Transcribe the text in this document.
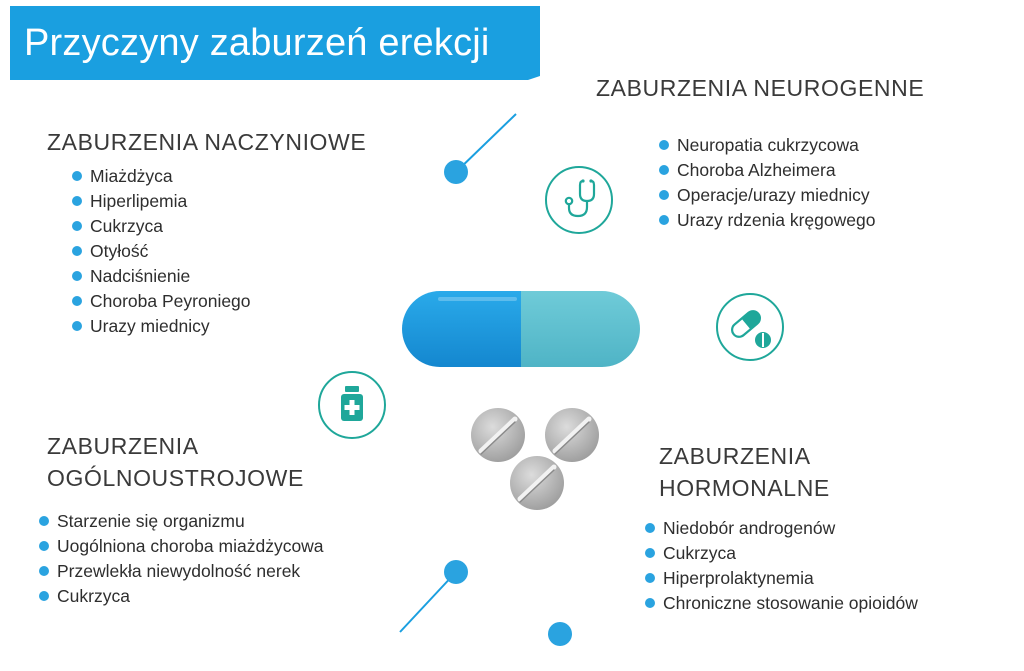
Przyczyny zaburzeń erekcji
ZABURZENIA NACZYNIOWE
Miażdżyca
Hiperlipemia
Cukrzyca
Otyłość
Nadciśnienie
Choroba Peyroniego
Urazy miednicy
ZABURZENIA NEUROGENNE
Neuropatia cukrzycowa
Choroba Alzheimera
Operacje/urazy miednicy
Urazy rdzenia kręgowego
ZABURZENIA
OGÓLNOUSTROJOWE
Starzenie się organizmu
Uogólniona choroba miażdżycowa
Przewlekła niewydolność nerek
Cukrzyca
ZABURZENIA
HORMONALNE
Niedobór androgenów
Cukrzyca
Hiperprolaktynemia
Chroniczne stosowanie opioidów
